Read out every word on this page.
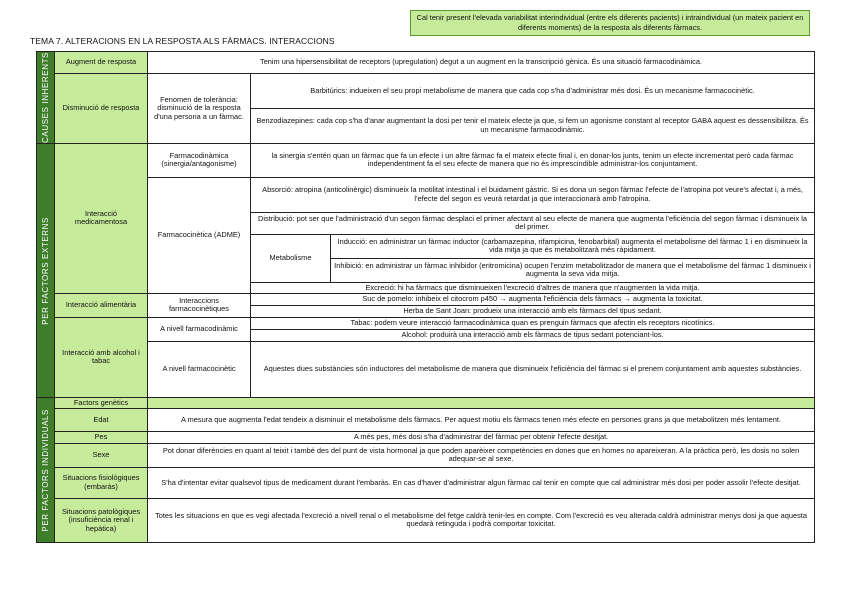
Cal tenir present l'elevada variabilitat interindividual (entre els diferents pacients) i intraindividual (un mateix pacient en diferents moments) de la resposta als diferents fàrmacs.
TEMA 7. ALTERACIONS EN LA RESPOSTA ALS FÀRMACS. INTERACCIONS
CAUSES INHERENTS	Augment de resposta	Tenim una hipersensibilitat de receptors (upregulation) degut a un augment en la transcripció gènica. És una situació farmacodinàmica.		
	Disminució de resposta	Fenomen de tolerància: disminució de la resposta d'una persona a un fàrmac.	Barbitúrics: indueixen el seu propi metabolisme de manera que cada cop s'ha d'administrar més dosi. És un mecanisme farmacocinètic.	
			Benzodiazepines: cada cop s'ha d'anar augmentant la dosi per tenir el mateix efecte ja que, si fem un agonisme constant al receptor GABA aquest es dessensibilitza. És un mecanisme farmacodinàmic.	

PER FACTORS EXTERNS	Interacció medicamentosa	Farmacodinàmica (sinergia/antagonisme)	la sinergia s'entén quan un fàrmac que fa un efecte i un altre fàrmac fa el mateix efecte final i, en donar-los junts, tenim un efecte incrementat però cada fàrmac independentment fa el seu efecte de manera que no és imprescindible administrar-los conjuntament.	
		Farmacocinètica (ADME)	Absorció: atropina (anticolinèrgic) disminueix la motilitat intestinal i el buidament gàstric. Si es dona un segon fàrmac l'efecte de l'atropina pot veure's afectat i, a més, l'efecte del segon es veurà retardat ja que interaccionarà amb l'atropina.	
			Distribució: pot ser que l'administració d'un segon fàrmac desplaci el primer afectant al seu efecte de manera que augmenta l'eficiència del segon fàrmac i disminueix la del primer.	
			Metabolisme	Inducció: en administrar un fàrmac inductor (carbamazepina, rifampicina, fenobarbital) augmenta el metabolisme del fàrmac 1 i en disminueix la vida mitja ja que és metabolitzarà més ràpidament.
				Inhibició: en administrar un fàrmac inhibidor (eritromicina) ocupen l'enzim metabolitzador de manera que el metabolisme del fàrmac 1 disminueix i augmenta la seva vida mitja.
			Excreció: hi ha fàrmacs que disminueixen l'excreció d'altres de manera que n'augmenten la vida mitja.	

	Interacció alimentària	Interaccions farmacocinètiques	Suc de pomelo: inhibeix el citocrom p450 → augmenta l'eficiència dels fàrmacs → augmenta la toxicitat.	
			Herba de Sant Joan: produeix una interacció amb els fàrmacs del tipus sedant.	
	Interacció amb alcohol i tabac	A nivell farmacodinàmic	Tabac: podem veure interacció farmacodinàmica quan es prenguin fàrmacs que afectin els receptors nicotínics.	
			Alcohol: produirà una interacció amb els fàrmacs de tipus sedant potenciant-los.	
		A nivell farmacocinètic	Aquestes dues substàncies són inductores del metabolisme de manera que disminueix l'eficiència del fàrmac si el prenem conjuntament amb aquestes substàncies.	

PER FACTORS INDIVIDUALS	Factors genètics			
	Edat	A mesura que augmenta l'edat tendeix a disminuir el metabolisme dels fàrmacs. Per aquest motiu els fàrmacs tenen més efecte en persones grans ja que metabolitzen més lentament.		
	Pes	A més pes, més dosi s'ha d'administrar del fàrmac per obtenir l'efecte desitjat.		
	Sexe	Pot donar diferències en quant al teixit i també des del punt de vista hormonal ja que poden aparèixer competències en dones que en homes no apareixeran. A la pràctica però, les dosis no solen adequar-se al sexe.		
	Situacions fisiològiques (embaràs)	S'ha d'intentar evitar qualsevol tipus de medicament durant l'embaràs. En cas d'haver d'administrar algun fàrmac cal tenir en compte que cal administrar més dosi per poder assolir l'efecte desitjat.		
	Situacions patològiques (insuficiència renal i hepàtica)	Totes les situacions en que es vegi afectada l'excreció a nivell renal o el metabolisme del fetge caldrà tenir-les en compte. Com l'excreció es veu alterada caldrà administrar menys dosi ja que aquesta quedarà retinguda i podrà comportar toxicitat.		
